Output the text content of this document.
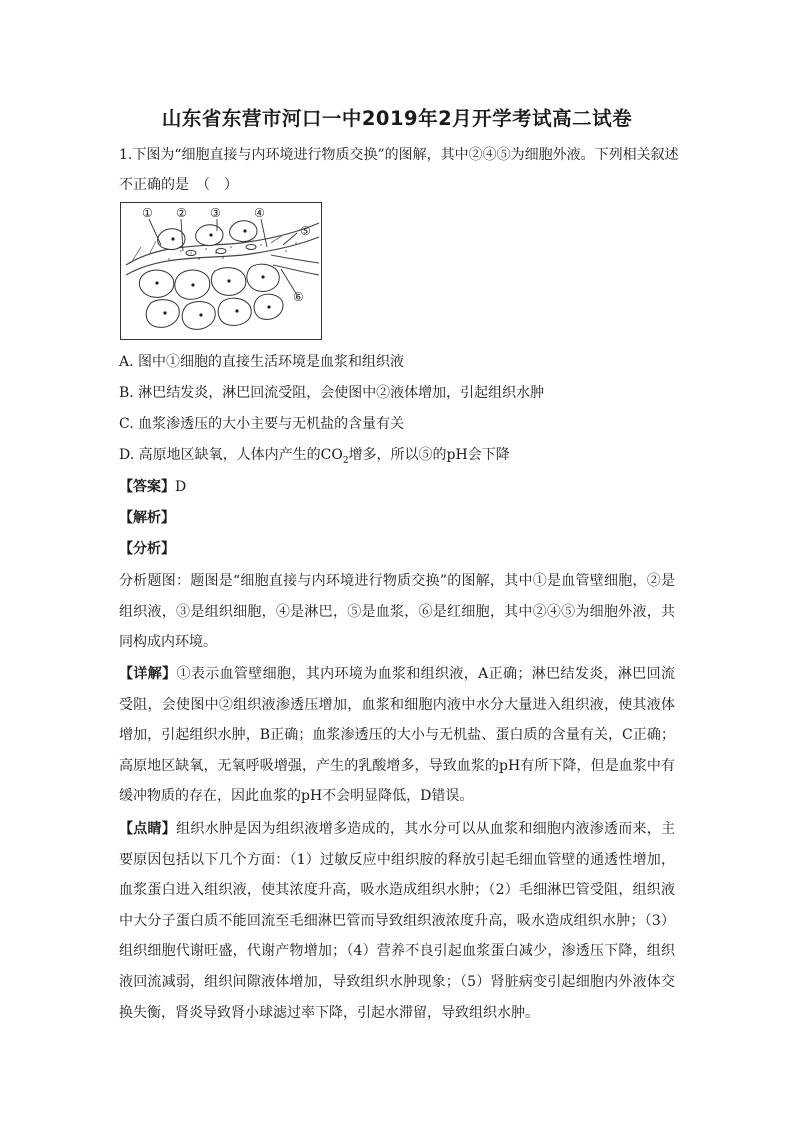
山东省东营市河口一中2019年2月开学考试高二试卷
1.下图为“细胞直接与内环境进行物质交换”的图解，其中②④⑤为细胞外液。下列相关叙述
不正确的是　（　）
① ② ③	④
⑤
⑥
A. 图中①细胞的直接生活环境是血浆和组织液
B. 淋巴结发炎，淋巴回流受阻，会使图中②液体增加，引起组织水肿
C. 血浆渗透压的大小主要与无机盐的含量有关
D. 高原地区缺氧，人体内产生的$CO_2$增多，所以⑤的pH会下降
【答案】D
【解析】
【分析】
分析题图：题图是“细胞直接与内环境进行物质交换”的图解，其中①是血管壁细胞，②是组织液，③是组织细胞，④是淋巴，⑤是血浆，⑥是红细胞，其中②④⑤为细胞外液，共同构成内环境。
【详解】①表示血管壁细胞，其内环境为血浆和组织液，A正确；淋巴结发炎，淋巴回流受阻，会使图中②组织液渗透压增加，血浆和细胞内液中水分大量进入组织液，使其液体增加，引起组织水肿，B正确；血浆渗透压的大小与无机盐、蛋白质的含量有关，C正确；高原地区缺氧，无氧呼吸增强，产生的乳酸增多，导致血浆的pH有所下降，但是血浆中有缓冲物质的存在，因此血浆的pH不会明显降低，D错误。
【点睛】组织水肿是因为组织液增多造成的，其水分可以从血浆和细胞内液渗透而来，主要原因包括以下几个方面：（1）过敏反应中组织胺的释放引起毛细血管壁的通透性增加，血浆蛋白进入组织液，使其浓度升高，吸水造成组织水肿；（2）毛细淋巴管受阻，组织液中大分子蛋白质不能回流至毛细淋巴管而导致组织液浓度升高，吸水造成组织水肿；（3）组织细胞代谢旺盛，代谢产物增加；（4）营养不良引起血浆蛋白减少，渗透压下降，组织液回流减弱，组织间隙液体增加，导致组织水肿现象；（5）肾脏病变引起细胞内外液体交换失衡，肾炎导致肾小球滤过率下降，引起水滞留，导致组织水肿。
